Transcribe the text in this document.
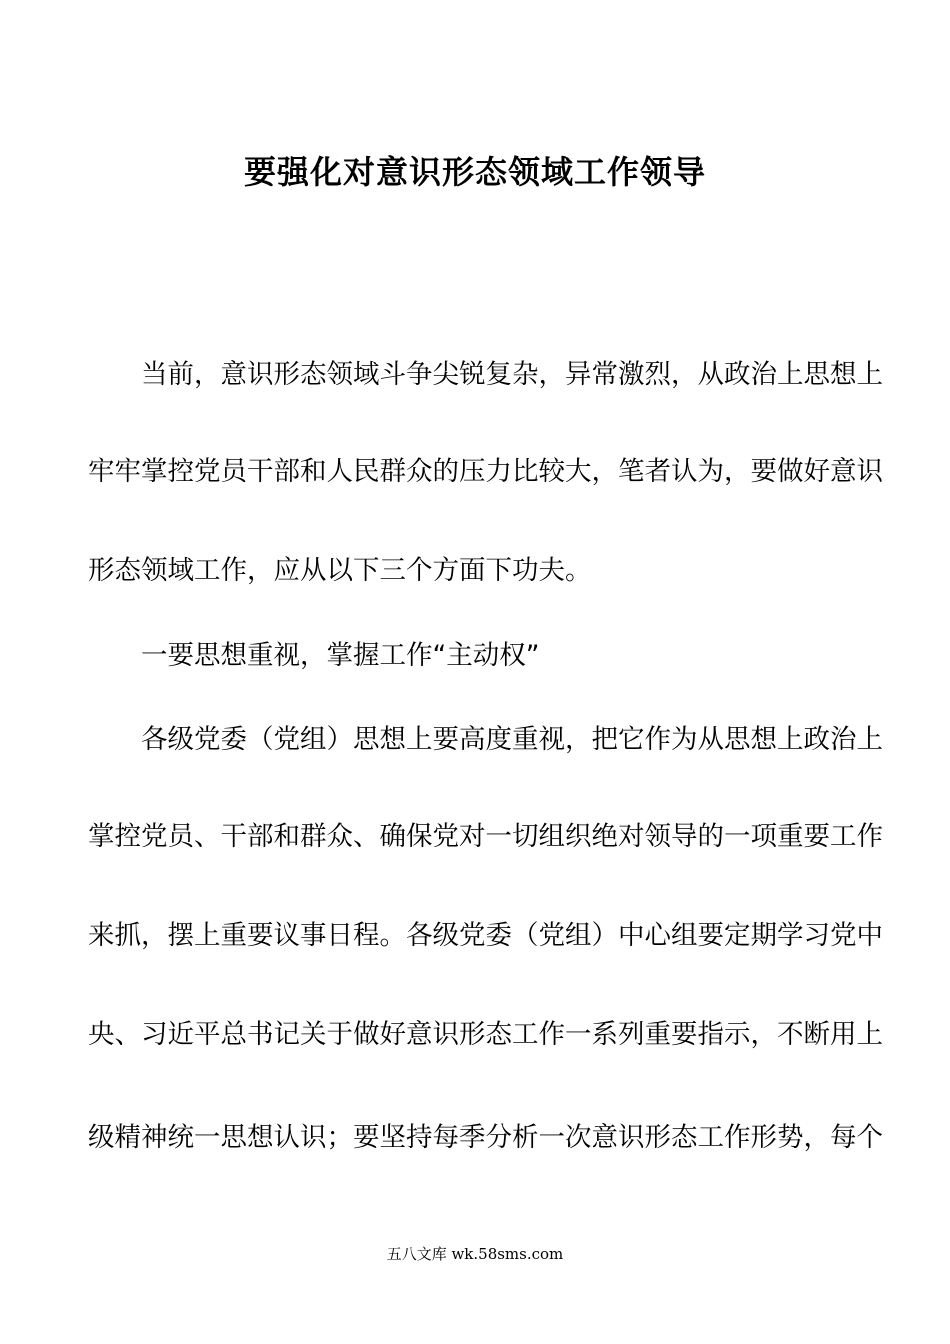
要强化对意识形态领域工作领导
　　当前，意识形态领域斗争尖锐复杂，异常激烈，从政治上思想上
牢牢掌控党员干部和人民群众的压力比较大，笔者认为，要做好意识
形态领域工作，应从以下三个方面下功夫。
　　一要思想重视，掌握工作“主动权”
　　各级党委（党组）思想上要高度重视，把它作为从思想上政治上
掌控党员、干部和群众、确保党对一切组织绝对领导的一项重要工作
来抓，摆上重要议事日程。各级党委（党组）中心组要定期学习党中
央、习近平总书记关于做好意识形态工作一系列重要指示，不断用上
级精神统一思想认识；要坚持每季分析一次意识形态工作形势，每个
五八文库 wk.58sms.com
